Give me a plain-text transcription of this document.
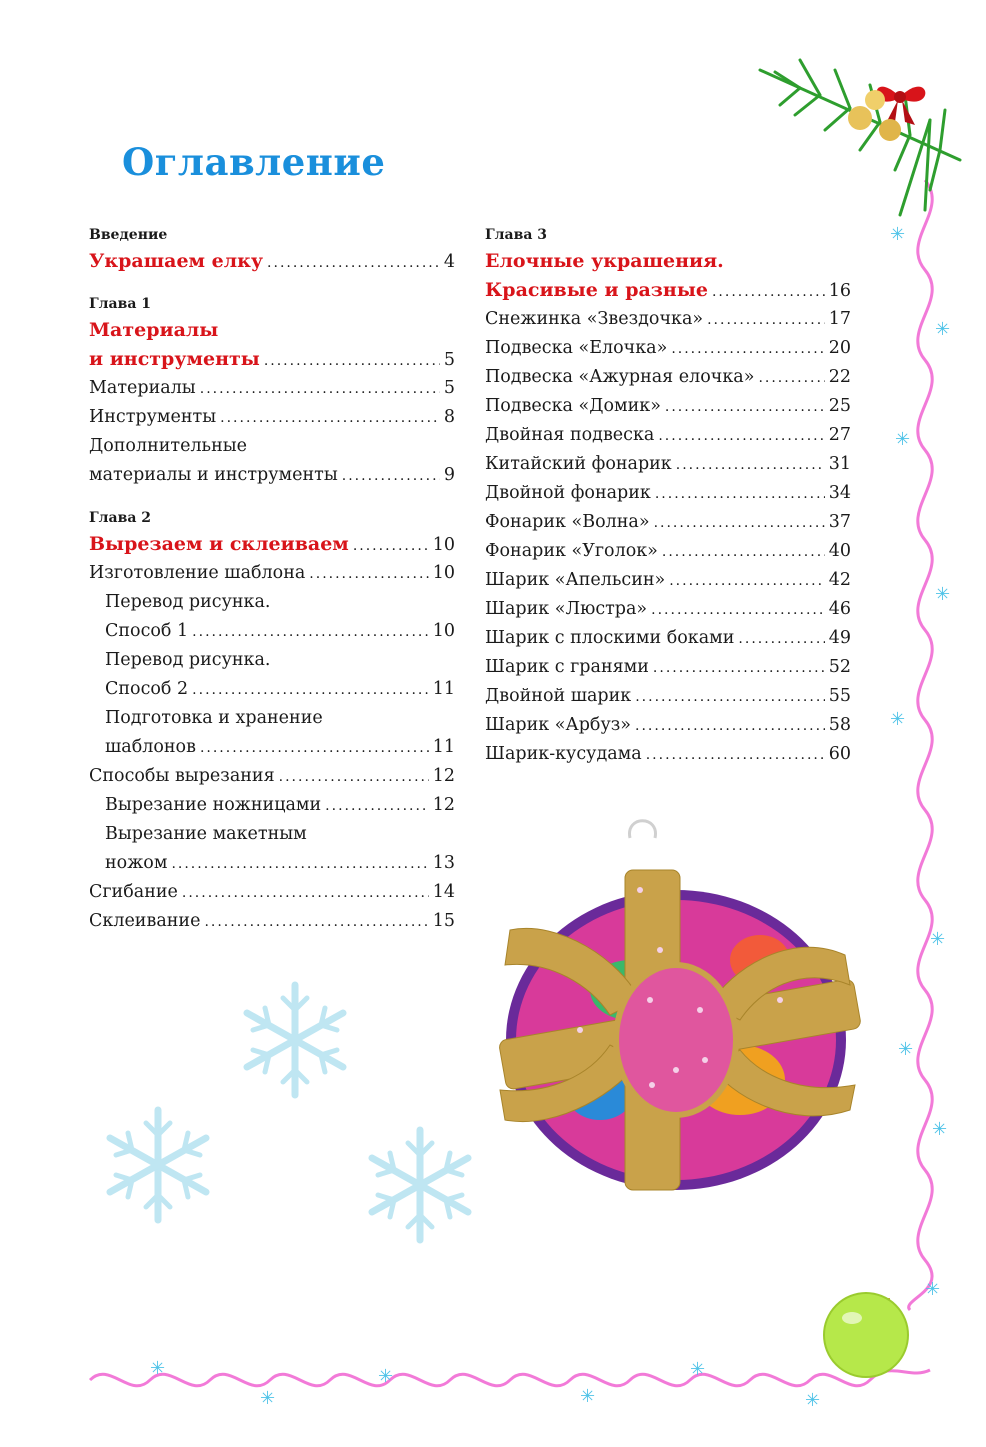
Оглавление
Введение
Украшаем елку .....	4
Глава 1
Материалы
и инструменты .....	5
Материалы .....	5
Инструменты .....	8
Дополнительные
материалы и инструменты .....	9
Глава 2
Вырезаем и склеиваем .....	10
Изготовление шаблона .....	10
Перевод рисунка.
Способ 1 .....	10
Перевод рисунка.
Способ 2 .....	11
Подготовка и хранение
шаблонов .....	11
Способы вырезания .....	12
Вырезание ножницами .....	12
Вырезание макетным
ножом .....	13
Сгибание .....	14
Склеивание .....	15
Глава 3
Елочные украшения.
Красивые и разные .....	16
Снежинка «Звездочка» .....	17
Подвеска «Елочка» .....	20
Подвеска «Ажурная елочка» .....	22
Подвеска «Домик» .....	25
Двойная подвеска .....	27
Китайский фонарик .....	31
Двойной фонарик .....	34
Фонарик «Волна» .....	37
Фонарик «Уголок» .....	40
Шарик «Апельсин» .....	42
Шарик «Люстра» .....	46
Шарик с плоскими боками .....	49
Шарик с гранями .....	52
Двойной шарик .....	55
Шарик «Арбуз» .....	58
Шарик-кусудама .....	60
✳
✳
✳
✳
✳
✳
✳
✳
✳
✳
✳
✳
✳
✳
✳
